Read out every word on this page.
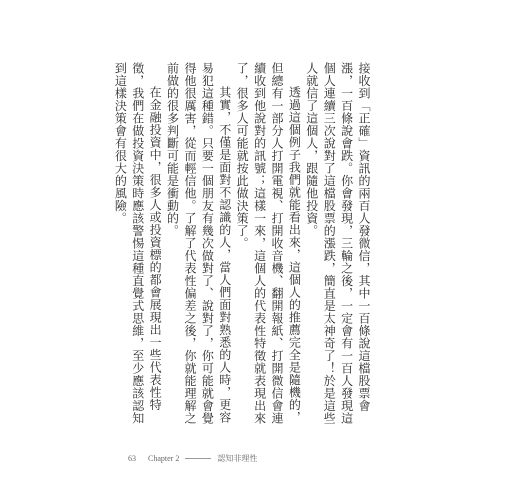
接收到「正確」資訊的兩百人發微信，其中一百條說這檔股票會漲，一百條說會跌。你會發現，三輪之後，一定會有一百人發現這個人連續三次說對了這檔股票的漲跌，簡直是太神奇了！於是這些人就信了這個人，跟隨他投資。

透過這個例子我們就能看出來，這個人的推薦完全是隨機的，但總有一部分人打開電視、打開收音機、翻開報紙、打開微信會連續收到他說對的訊號；這樣一來，這個人的代表性特徵就表現出來了，很多人可能就按此做決策了。

其實，不僅是面對不認識的人，當人們面對熟悉的人時，更容易犯這種錯。只要一個朋友有幾次做對了、說對了，你可能就會覺得他很厲害，從而輕信他。了解了代表性偏差之後，你就能理解之前做的很多判斷可能是衝動的。

在金融投資中，很多人或投資標的都會展現出一些代表性特徵，我們在做投資決策時應該警惕這種直覺式思維，至少應該認知到這樣決策會有很大的風險。

63 Chapter 2	認知非理性
